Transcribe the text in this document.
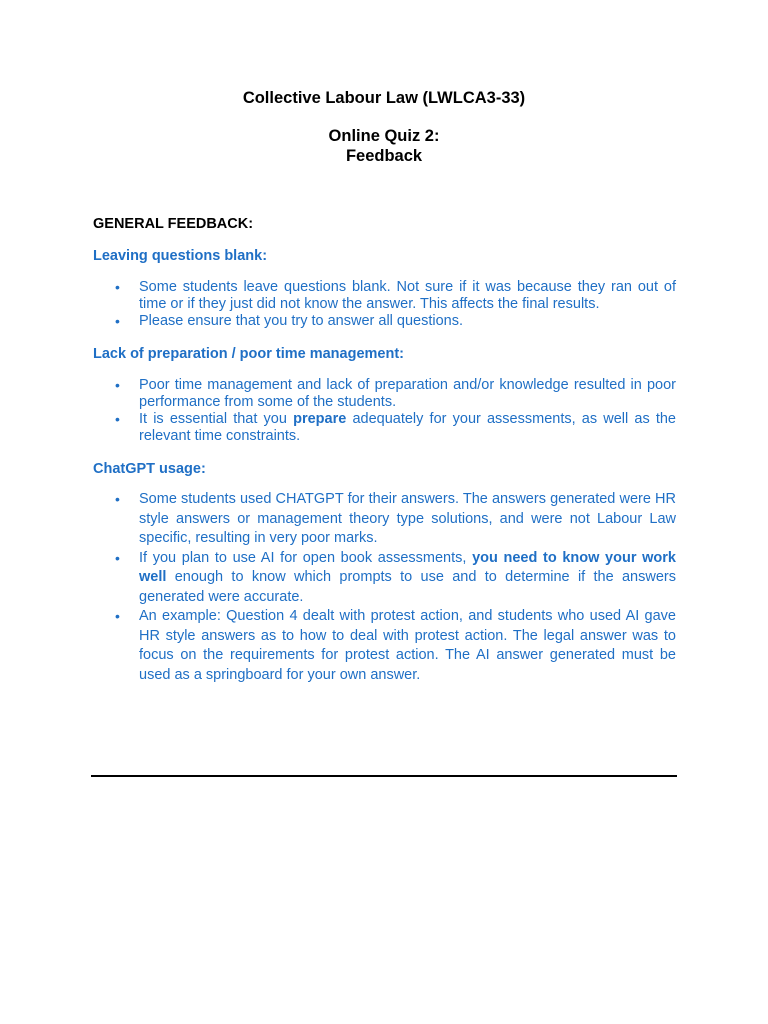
Collective Labour Law (LWLCA3-33)
Online Quiz 2:
Feedback

GENERAL FEEDBACK:

Leaving questions blank:

• Some students leave questions blank. Not sure if it was because they ran out of time or if they just did not know the answer. This affects the final results.
• Please ensure that you try to answer all questions.

Lack of preparation / poor time management:

• Poor time management and lack of preparation and/or knowledge resulted in poor performance from some of the students.
• It is essential that you prepare adequately for your assessments, as well as the relevant time constraints.

ChatGPT usage:

• Some students used CHATGPT for their answers. The answers generated were HR style answers or management theory type solutions, and were not Labour Law specific, resulting in very poor marks.
• If you plan to use AI for open book assessments, you need to know your work well enough to know which prompts to use and to determine if the answers generated were accurate.
• An example: Question 4 dealt with protest action, and students who used AI gave HR style answers as to how to deal with protest action. The legal answer was to focus on the requirements for protest action. The AI answer generated must be used as a springboard for your own answer.
